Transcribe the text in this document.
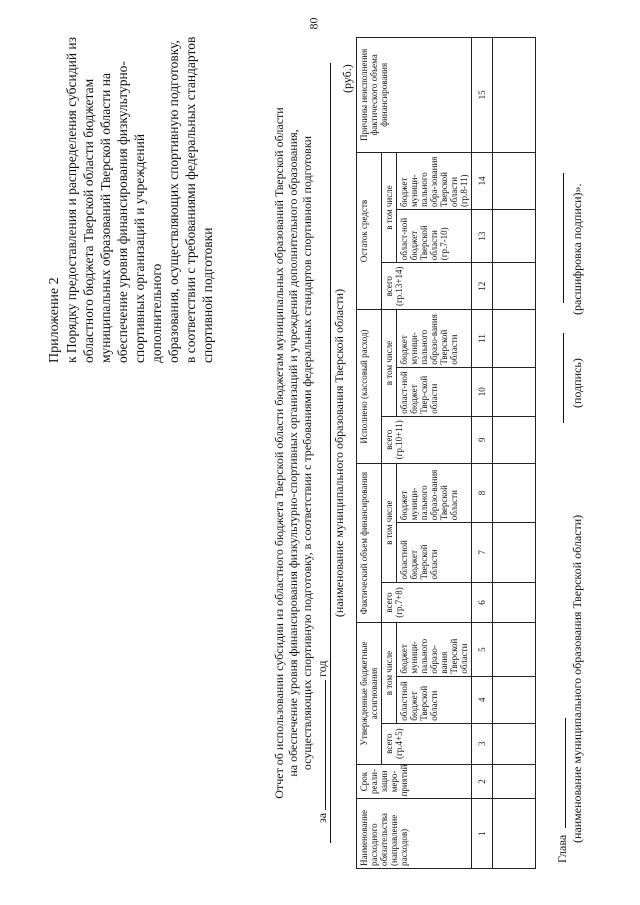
80
Приложение 2 к Порядку предоставления и распределения субсидий из областного бюджета Тверской области бюджетам муниципальных образований Тверской области на обеспечение уровня финансирования физкультурно- спортивных организаций и учреждений дополнительного образования, осуществляющих спортивную подготовку, в соответствии с требованиями федеральных стандартов спортивной подготовки	Отчет об использовании субсидии из областного бюджета Тверской области бюджетам муниципальных образований Тверской области на обеспечение уровня финансирования физкультурно-спортивных организаций и учреждений дополнительного образования, осуществляющих спортивную подготовку, в соответствии с требованиями федеральных стандартов спортивной подготовки
за  год
(наименование муниципального образования Тверской области)
(руб.)
Наименование расходного обязательства (направление расходов)	Срок реали-зации меро-приятий	Утвержденные бюджетные ассигнования			Фактический объем финансирования			Исполнено (кассовый расход)			Остаток средств			Причины неисполнения фактического объема финансирования
		всего (гр.4+5)	в том числе		всего (гр.7+8)	в том числе		всего (гр.10+11)	в том числе		всего (гр.13+14)	в том числе		
			областной бюджет Тверской области	бюджет муници-пального образо-вания Тверской области		областной бюджет Тверской области	бюджет муници-пального образо-вания Тверской области		област-ной бюджет Твер-ской области	бюджет муници-пального образо-вания Тверской области		област-ной бюджет Тверской области (гр.7-10)	бюджет муници-пального обра-зования Тверской области (гр.8-11)	
1	2	3	4	5	6	7	8	9	10	11	12	13	14	15

Глава
(наименование муниципального образования Тверской области)
(подпись)
(расшифровка подписи)».
